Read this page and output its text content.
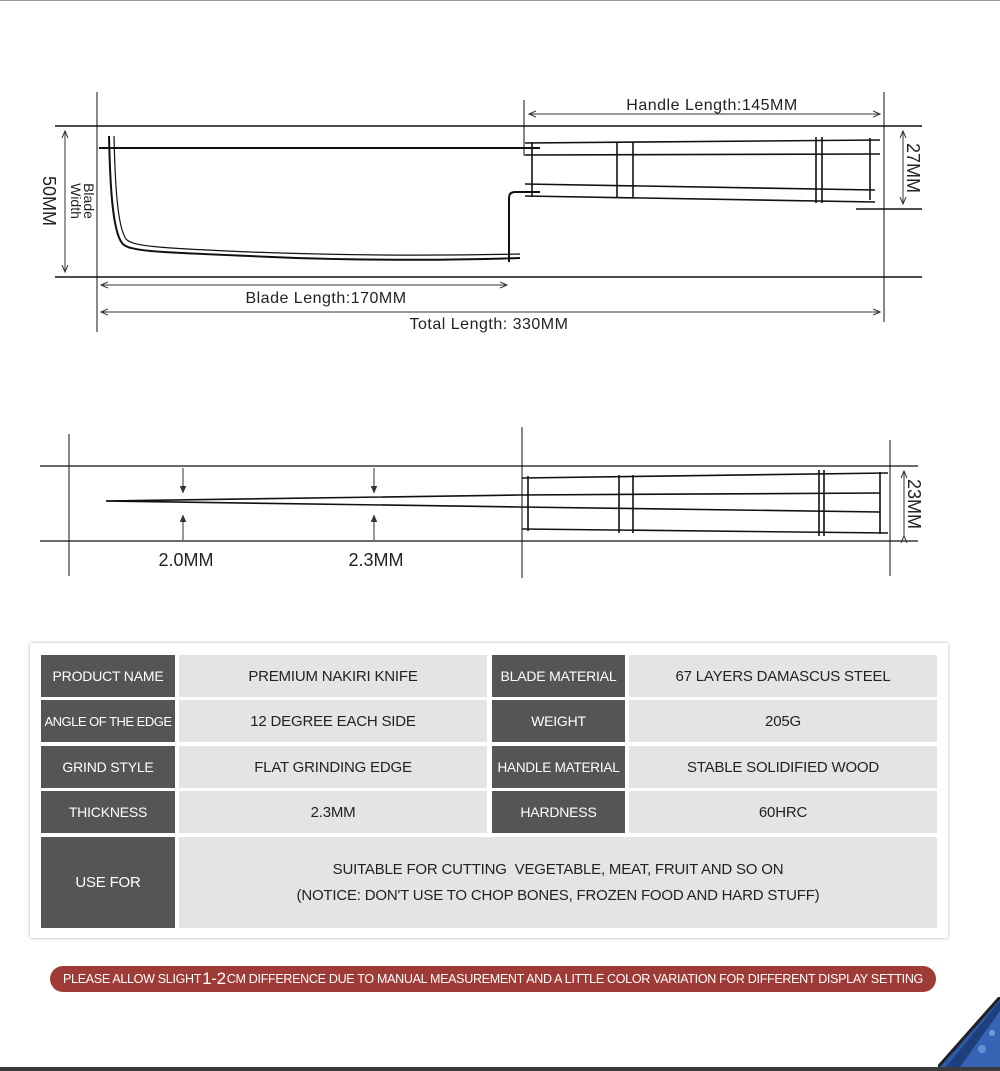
Handle Length:145MM
Blade Length:170MM
Total Length: 330MM
50MM Blade
Width
27MM
2.0MM	2.3MM
23MM
PRODUCT NAME	PREMIUM NAKIRI KNIFE	BLADE MATERIAL	67 LAYERS DAMASCUS STEEL
ANGLE OF THE EDGE	12 DEGREE EACH SIDE	WEIGHT	205G
GRIND STYLE	FLAT GRINDING EDGE	HANDLE MATERIAL	STABLE SOLIDIFIED WOOD
THICKNESS	2.3MM	HARDNESS	60HRC
USE FOR
SUITABLE FOR CUTTING  VEGETABLE, MEAT, FRUIT AND SO ON
(NOTICE: DON'T USE TO CHOP BONES, FROZEN FOOD AND HARD STUFF)
PLEASE ALLOW SLIGHT 1-2 CM DIFFERENCE DUE TO MANUAL MEASUREMENT AND A LITTLE COLOR VARIATION FOR DIFFERENT DISPLAY SETTING
